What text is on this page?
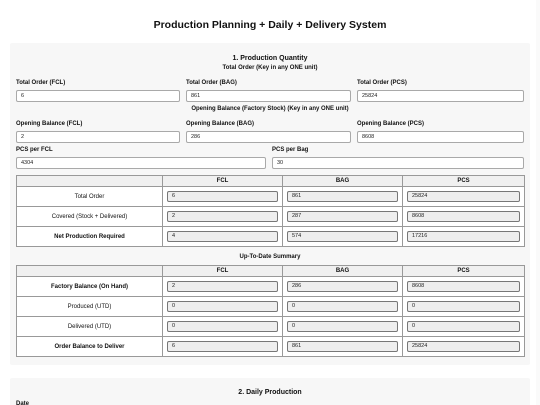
Production Planning + Daily + Delivery System
1. Production Quantity
Total Order (Key in any ONE unit)
Total Order (FCL)	Total Order (BAG)	Total Order (PCS)
6	861	25824
Opening Balance (Factory Stock) (Key in any ONE unit)
Opening Balance (FCL)	Opening Balance (BAG)	Opening Balance (PCS)
2	286	8608
PCS per FCL	PCS per Bag
4304	30
	FCL	BAG	PCS
Total Order	6	861	25824

Covered (Stock + Delivered)	2	287	8608

Net Production Required	4	574	17216
Up-To-Date Summary
	FCL	BAG	PCS
Factory Balance (On Hand)	2	286	8608

Produced (UTD)	0	0	0

Delivered (UTD)	0	0	0

Order Balance to Deliver	6	861	25824
2. Daily Production
Date
